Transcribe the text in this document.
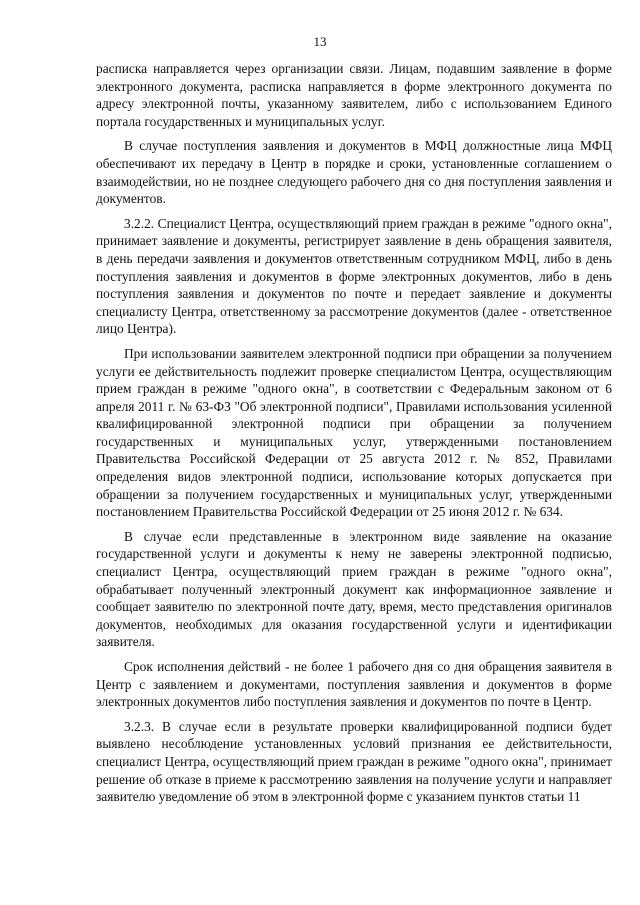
13

расписка направляется через организации связи. Лицам, подавшим заявление в форме электронного документа, расписка направляется в форме электронного документа по адресу электронной почты, указанному заявителем, либо с использованием Единого портала государственных и муниципальных услуг.

В случае поступления заявления и документов в МФЦ должностные лица МФЦ обеспечивают их передачу в Центр в порядке и сроки, установленные соглашением о взаимодействии, но не позднее следующего рабочего дня со дня поступления заявления и документов.

3.2.2. Специалист Центра, осуществляющий прием граждан в режиме "одного окна", принимает заявление и документы, регистрирует заявление в день обращения заявителя, в день передачи заявления и документов ответственным сотрудником МФЦ, либо в день поступления заявления и документов в форме электронных документов, либо в день поступления заявления и документов по почте и передает заявление и документы специалисту Центра, ответственному за рассмотрение документов (далее - ответственное лицо Центра).

При использовании заявителем электронной подписи при обращении за получением услуги ее действительность подлежит проверке специалистом Центра, осуществляющим прием граждан в режиме "одного окна", в соответствии с Федеральным законом от 6 апреля 2011 г. № 63-ФЗ "Об электронной подписи", Правилами использования усиленной квалифицированной электронной подписи при обращении за получением государственных и муниципальных услуг, утвержденными постановлением Правительства Российской Федерации от 25 августа 2012 г. № 852, Правилами определения видов электронной подписи, использование которых допускается при обращении за получением государственных и муниципальных услуг, утвержденными постановлением Правительства Российской Федерации от 25 июня 2012 г. № 634.

В случае если представленные в электронном виде заявление на оказание государственной услуги и документы к нему не заверены электронной подписью, специалист Центра, осуществляющий прием граждан в режиме "одного окна", обрабатывает полученный электронный документ как информационное заявление и сообщает заявителю по электронной почте дату, время, место представления оригиналов документов, необходимых для оказания государственной услуги и идентификации заявителя.

Срок исполнения действий - не более 1 рабочего дня со дня обращения заявителя в Центр с заявлением и документами, поступления заявления и документов в форме электронных документов либо поступления заявления и документов по почте в Центр.

3.2.3. В случае если в результате проверки квалифицированной подписи будет выявлено несоблюдение установленных условий признания ее действительности, специалист Центра, осуществляющий прием граждан в режиме "одного окна", принимает решение об отказе в приеме к рассмотрению заявления на получение услуги и направляет заявителю уведомление об этом в электронной форме с указанием пунктов статьи 11
